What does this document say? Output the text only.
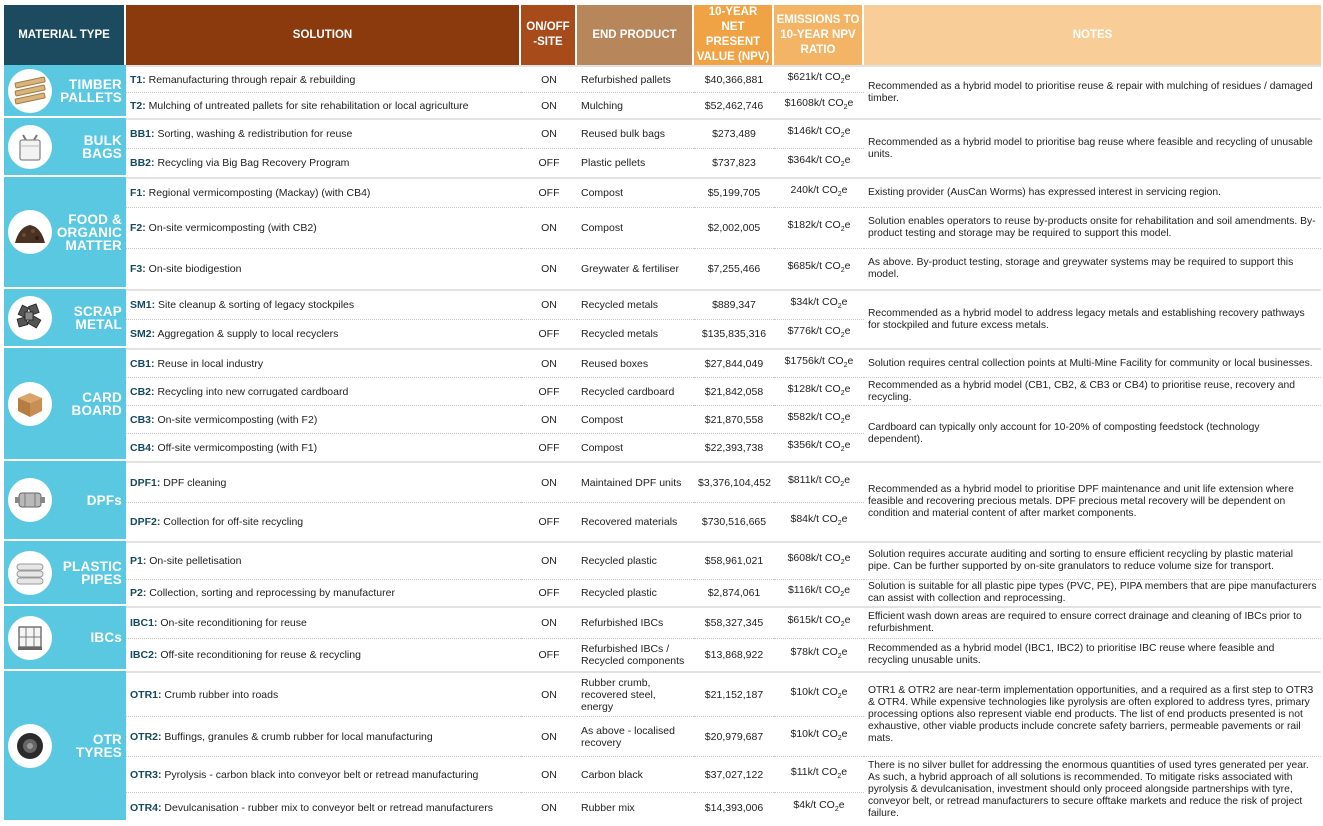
MATERIAL TYPE	SOLUTION	ON/OFF -SITE	END PRODUCT	10-YEAR NET PRESENT VALUE (NPV)	EMISSIONS TO 10-YEAR NPV RATIO	NOTES

TIMBER
PALLETS	T1: Remanufacturing through repair & rebuilding	ON	Refurbished pallets	$40,366,881	$621k/t $CO_2e$	Recommended as a hybrid model to prioritise reuse & repair with mulching of residues / damaged timber.
	T2: Mulching of untreated pallets for site rehabilitation or local agriculture	ON	Mulching	$52,462,746	$1608k/t $CO_2e$	

BULK
BAGS	BB1: Sorting, washing & redistribution for reuse	ON	Reused bulk bags	$273,489	$146k/t $CO_2e$	Recommended as a hybrid model to prioritise bag reuse where feasible and recycling of unusable units.
	BB2: Recycling via Big Bag Recovery Program	OFF	Plastic pellets	$737,823	$364k/t $CO_2e$	

FOOD &
ORGANIC
MATTER	F1: Regional vermicomposting (Mackay) (with CB4)	OFF	Compost	$5,199,705	240k/t $CO_2e$	Existing provider (AusCan Worms) has expressed interest in servicing region.
	F2: On-site vermicomposting (with CB2)	ON	Compost	$2,002,005	$182k/t $CO_2e$	Solution enables operators to reuse by-products onsite for rehabilitation and soil amendments. By-product testing and storage may be required to support this model.
	F3: On-site biodigestion	ON	Greywater & fertiliser	$7,255,466	$685k/t $CO_2e$	As above. By-product testing, storage and greywater systems may be required to support this model.

SCRAP
METAL	SM1: Site cleanup & sorting of legacy stockpiles	ON	Recycled metals	$889,347	$34k/t $CO_2e$	Recommended as a hybrid model to address legacy metals and establishing recovery pathways for stockpiled and future excess metals.
	SM2: Aggregation & supply to local recyclers	OFF	Recycled metals	$135,835,316	$776k/t $CO_2e$	

CARD
BOARD	CB1: Reuse in local industry	ON	Reused boxes	$27,844,049	$1756k/t $CO_2e$	Solution requires central collection points at Multi-Mine Facility for community or local businesses.
	CB2: Recycling into new corrugated cardboard	OFF	Recycled cardboard	$21,842,058	$128k/t $CO_2e$	Recommended as a hybrid model (CB1, CB2, & CB3 or CB4) to prioritise reuse, recovery and recycling.
	CB3: On-site vermicomposting (with F2)	ON	Compost	$21,870,558	$582k/t $CO_2e$	Cardboard can typically only account for 10-20% of composting feedstock (technology dependent).
	CB4: Off-site vermicomposting (with F1)	OFF	Compost	$22,393,738	$356k/t $CO_2e$	

DPFs	DPF1: DPF cleaning	ON	Maintained DPF units	$3,376,104,452	$811k/t $CO_2e$	Recommended as a hybrid model to prioritise DPF maintenance and unit life extension where feasible and recovering precious metals. DPF precious metal recovery will be dependent on condition and material content of after market components.
	DPF2: Collection for off-site recycling	OFF	Recovered materials	$730,516,665	$84k/t $CO_2e$	

PLASTIC
PIPES	P1: On-site pelletisation	ON	Recycled plastic	$58,961,021	$608k/t $CO_2e$	Solution requires accurate auditing and sorting to ensure efficient recycling by plastic material pipe. Can be further supported by on-site granulators to reduce volume size for transport.
	P2: Collection, sorting and reprocessing by manufacturer	OFF	Recycled plastic	$2,874,061	$116k/t $CO_2e$	Solution is suitable for all plastic pipe types (PVC, PE), PIPA members that are pipe manufacturers can assist with collection and reprocessing.

IBCs	IBC1: On-site reconditioning for reuse	ON	Refurbished IBCs	$58,327,345	$615k/t $CO_2e$	Efficient wash down areas are required to ensure correct drainage and cleaning of IBCs prior to refurbishment.
	IBC2: Off-site reconditioning for reuse & recycling	OFF	Refurbished IBCs / Recycled components	$13,868,922	$78k/t $CO_2e$	Recommended as a hybrid model (IBC1, IBC2) to prioritise IBC reuse where feasible and recycling unusable units.

OTR
TYRES	OTR1: Crumb rubber into roads	ON	Rubber crumb, recovered steel, energy	$21,152,187	$10k/t $CO_2e$	OTR1 & OTR2 are near-term implementation opportunities, and a required as a first step to OTR3 & OTR4. While expensive technologies like pyrolysis are often explored to address tyres, primary processing options also represent viable end products. The list of end products presented is not exhaustive, other viable products include concrete safety barriers, permeable pavements or rail mats.
	OTR2: Buffings, granules & crumb rubber for local manufacturing	ON	As above - localised recovery	$20,979,687	$10k/t $CO_2e$	
	OTR3: Pyrolysis - carbon black into conveyor belt or retread manufacturing	ON	Carbon black	$37,027,122	$11k/t $CO_2e$	There is no silver bullet for addressing the enormous quantities of used tyres generated per year. As such, a hybrid approach of all solutions is recommended. To mitigate risks associated with pyrolysis & devulcanisation, investment should only proceed alongside partnerships with tyre, conveyor belt, or retread manufacturers to secure offtake markets and reduce the risk of project failure.
	OTR4: Devulcanisation - rubber mix to conveyor belt or retread manufacturers	ON	Rubber mix	$14,393,006	$4k/t $CO_2e$	
